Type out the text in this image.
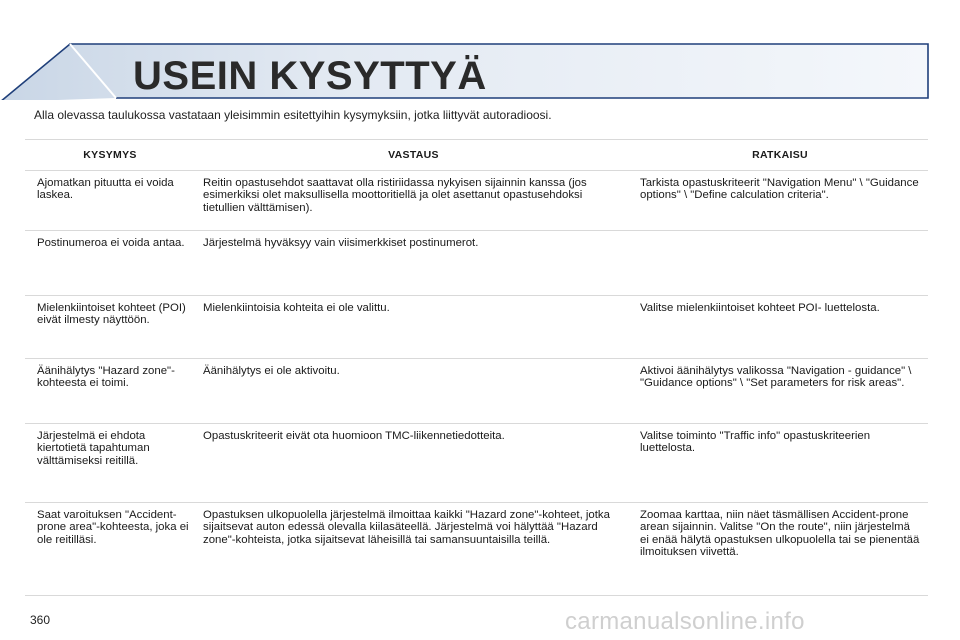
USEIN KYSYTTYÄ

Alla olevassa taulukossa vastataan yleisimmin esitettyihin kysymyksiin, jotka liittyvät autoradioosi.

KYSYMYS	VASTAUS	RATKAISU
Ajomatkan pituutta ei voida laskea.	Reitin opastusehdot saattavat olla ristiriidassa nykyisen sijainnin kanssa (jos esimerkiksi olet maksullisella moottoritiellä ja olet asettanut opastusehdoksi tietullien välttämisen).	Tarkista opastuskriteerit "Navigation Menu" \ "Guidance options" \ "Define calculation criteria".
Postinumeroa ei voida antaa.	Järjestelmä hyväksyy vain viisimerkkiset postinumerot.	
Mielenkiintoiset kohteet (POI) eivät ilmesty näyttöön.	Mielenkiintoisia kohteita ei ole valittu.	Valitse mielenkiintoiset kohteet POI- luettelosta.
Äänihälytys "Hazard zone"-kohteesta ei toimi.	Äänihälytys ei ole aktivoitu.	Aktivoi äänihälytys valikossa "Navigation - guidance" \ "Guidance options" \ "Set parameters for risk areas".
Järjestelmä ei ehdota kiertotietä tapahtuman välttämiseksi reitillä.	Opastuskriteerit eivät ota huomioon TMC-liikennetiedotteita.	Valitse toiminto "Traffic info" opastuskriteerien luettelosta.
Saat varoituksen "Accident-prone area"-kohteesta, joka ei ole reitilläsi.	Opastuksen ulkopuolella järjestelmä ilmoittaa kaikki "Hazard zone"-kohteet, jotka sijaitsevat auton edessä olevalla kiilasäteellä. Järjestelmä voi hälyttää "Hazard zone"-kohteista, jotka sijaitsevat läheisillä tai samansuuntaisilla teillä.	Zoomaa karttaa, niin näet täsmällisen Accident-prone arean sijainnin. Valitse "On the route", niin järjestelmä ei enää hälytä opastuksen ulkopuolella tai se pienentää ilmoituksen viivettä.

360	carmanualsonline.info
